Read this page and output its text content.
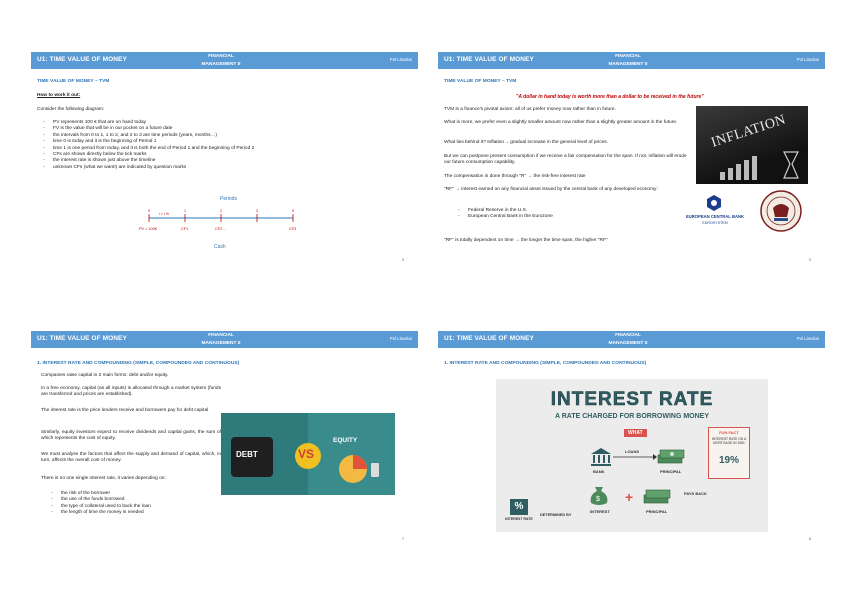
U1: TIME VALUE OF MONEY	FINANCIAL MANAGEMENT II
Pol Lisedus
TIME VALUE OF MONEY – TVM
How to work it out:
Consider the following diagram:
- PV represents 100 € that are on hand today
- FV is the value that will be in our pocket on a future date
- the intervals from 0 to 1, 1 to 2, and 2 to 3 are time periods (years, months…)
- time 0 is today and it is the beginning of Period 1
- time 1 is one period from today, and it is both the end of Period 1 and the beginning of Period 2
- CFs are shown directly below the tick marks
- the interest rate is shown just above the timeline
- unknown CFs (what we want!) are indicated by question marks
Periods
0	1	2	3	5
i = r %
PV = 100€	CF1	CF2 ...	CF3
Cash
5
U1: TIME VALUE OF MONEY	FINANCIAL MANAGEMENT II
Pol Lisedus
TIME VALUE OF MONEY – TVM
"A dollar in hand today is worth more than a dollar to be received in the future"
TVM is a finance's pivotal axiom: all of us prefer money now rather than in future.
What is more, we prefer even a slightly smaller amount now rather than a slightly greater amount in the future.
What lies behind it? Inflation→ gradual increase in the general level of prices.
But we can postpone present consumption if we receive a fair compensation for the span. If not, inflation will erode our future consumption capability.
The compensation is done through "R" → the risk-free interest rate
"RF" → interest earned on any financial asset issued by the central bank of any developed economy:
- Federal Reserve in the U.S.
- European Central Bank in the Eurozone
"RF" is totally dependent on time → the longer the time span, the higher "RF"
INFLATION
EUROPEAN CENTRAL BANK
EUROSYSTEM
3
U1: TIME VALUE OF MONEY	FINANCIAL MANAGEMENT II
Pol Lisedus
1. INTEREST RATE AND COMPOUNDING (SIMPLE, COMPOUNDED AND CONTINUOUS)
Companies raise capital in 2 main forms: debt and/or equity.
In a free economy, capital (as all inputs) is allocated through a market system (funds are transferred and prices are established).
The interest rate is the price lenders receive and borrowers pay for debt capital
Similarly, equity investors expect to receive dividends and capital gains, the sum of which represents the cost of equity.
We must analyse the factors that affect the supply and demand of capital, which, in turn, affects the overall cost of money.
There is no one single interest rate, it varies depending on:
- the risk of the borrower
- the use of the funds borrowed
- the type of collateral used to back the loan
- the length of time the money is needed
DEBT	VS
EQUITY
7
U1: TIME VALUE OF MONEY	FINANCIAL MANAGEMENT II
Pol Lisedus
1. INTEREST RATE AND COMPOUNDING (SIMPLE, COMPOUNDED AND CONTINUOUS)
INTEREST RATE
A RATE CHARGED FOR BORROWING MONEY
WHAT
BANK
LOANS
PRINCIPAL
FUN FACT
INTEREST RATE ON A MORTGAGE IN 1981
19%
%
INTEREST RATE
DETERMINED BY
$
INTEREST
+
PRINCIPAL
PAYS BACK
8
